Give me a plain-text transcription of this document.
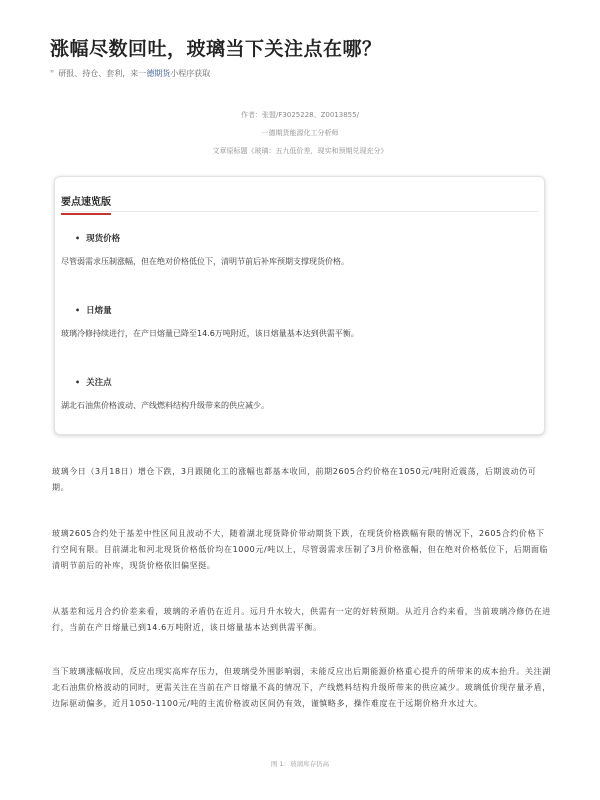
涨幅尽数回吐，玻璃当下关注点在哪？
❞ 研报、持仓、套利，来一德期货小程序获取
作者：张盟/F3025228、Z0013855/
一德期货能源化工分析师
文章原标题《玻璃：五九低价差，现实和预期兑现充分》
要点速览版
• 现货价格
尽管弱需求压制涨幅，但在绝对价格低位下，清明节前后补库预期支撑现货价格。
• 日熔量
玻璃冷修持续进行，在产日熔量已降至14.6万吨附近，该日熔量基本达到供需平衡。
• 关注点
湖北石油焦价格波动、产线燃料结构升级带来的供应减少。

玻璃今日（3月18日）增仓下跌，3月跟随化工的涨幅也都基本收回，前期2605合约价格在1050元/吨附近震荡，后期波动仍可期。

玻璃2605合约处于基差中性区间且波动不大，随着湖北现货降价带动期货下跌，在现货价格跌幅有限的情况下，2605合约价格下行空间有限。目前湖北和河北现货价格低价均在1000元/吨以上，尽管弱需求压制了3月价格涨幅，但在绝对价格低位下，后期面临清明节前后的补库，现货价格依旧偏坚挺。

从基差和远月合约价差来看，玻璃的矛盾仍在近月。远月升水较大，供需有一定的好转预期。从近月合约来看，当前玻璃冷修仍在进行，当前在产日熔量已到14.6万吨附近，该日熔量基本达到供需平衡。

当下玻璃涨幅收回，反应出现实高库存压力，但玻璃受外围影响弱，未能反应出后期能源价格重心提升的所带来的成本抬升。关注湖北石油焦价格波动的同时，更需关注在当前在产日熔量不高的情况下，产线燃料结构升级所带来的供应减少。玻璃低价现存量矛盾，边际驱动偏多，近月1050-1100元/吨的主流价格波动区间仍有效，谨慎略多，操作难度在于远期价格升水过大。

图 1：玻璃库存仍高
